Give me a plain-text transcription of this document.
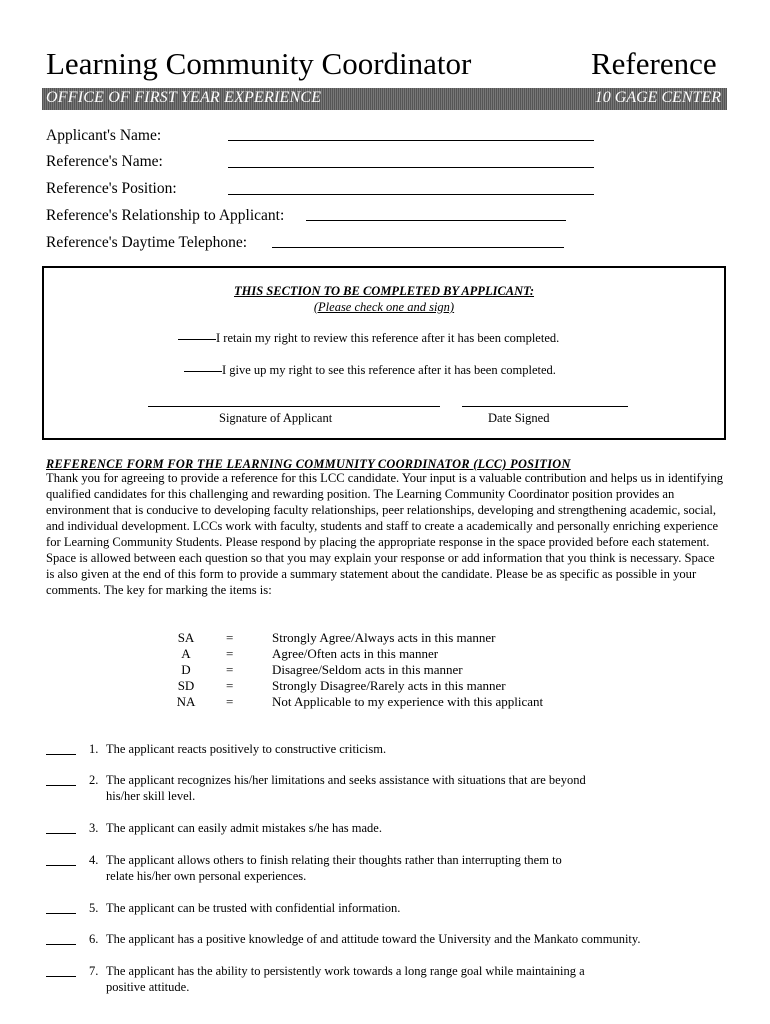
Learning Community Coordinator	Reference
OFFICE OF FIRST YEAR EXPERIENCE	10 GAGE CENTER
Applicant's Name:
Reference's Name:
Reference's Position:
Reference's Relationship to Applicant:
Reference's Daytime Telephone:
THIS SECTION TO BE COMPLETED BY APPLICANT:
(Please check one and sign)
I retain my right to review this reference after it has been completed.
I give up my right to see this reference after it has been completed.
Signature of Applicant	Date Signed
REFERENCE FORM FOR THE LEARNING COMMUNITY COORDINATOR (LCC) POSITION
Thank you for agreeing to provide a reference for this LCC candidate. Your input is a valuable contribution and helps us in identifying qualified candidates for this challenging and rewarding position. The Learning Community Coordinator position provides an environment that is conducive to developing faculty relationships, peer relationships, developing and strengthening academic, social, and individual development. LCCs work with faculty, students and staff to create a academically and personally enriching experience for Learning Community Students. Please respond by placing the appropriate response in the space provided before each statement. Space is allowed between each question so that you may explain your response or add information that you think is necessary. Space is also given at the end of this form to provide a summary statement about the candidate. Please be as specific as possible in your comments. The key for marking the items is:
SA	=	Strongly Agree/Always acts in this manner
A	=	Agree/Often acts in this manner
D	=	Disagree/Seldom acts in this manner
SD	=	Strongly Disagree/Rarely acts in this manner
NA	=	Not Applicable to my experience with this applicant
1. The applicant reacts positively to constructive criticism.
2. The applicant recognizes his/her limitations and seeks assistance with situations that are beyond
his/her skill level.
3. The applicant can easily admit mistakes s/he has made.
4. The applicant allows others to finish relating their thoughts rather than interrupting them to
relate his/her own personal experiences.
5. The applicant can be trusted with confidential information.
6. The applicant has a positive knowledge of and attitude toward the University and the Mankato community.
7. The applicant has the ability to persistently work towards a long range goal while maintaining a
positive attitude.
